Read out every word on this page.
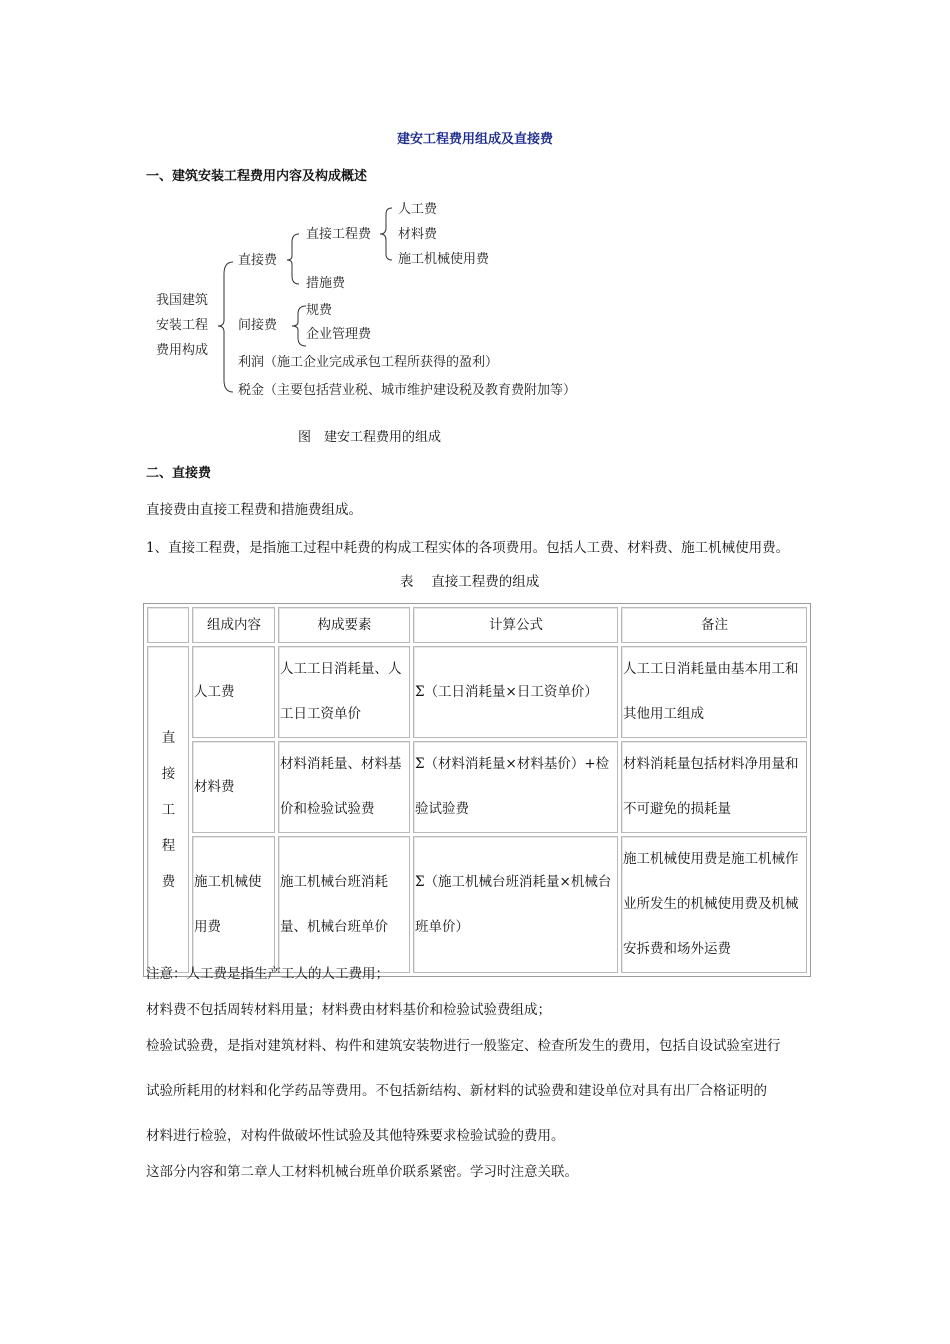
建安工程费用组成及直接费
一、建筑安装工程费用内容及构成概述
我国建筑
安装工程
费用构成
直接费
直接工程费
人工费
材料费
施工机械使用费
措施费
间接费
规费
企业管理费
利润（施工企业完成承包工程所获得的盈利）
税金（主要包括营业税、城市维护建设税及教育费附加等）
图　建安工程费用的组成
二、直接费
直接费由直接工程费和措施费组成。
1、直接工程费，是指施工过程中耗费的构成工程实体的各项费用。包括人工费、材料费、施工机械使用费。
表　 直接工程费的组成
	组成内容	构成要素	计算公式	备注
直
接
工
程
费	人工费	人工工日消耗量、人工日工资单价	Σ（工日消耗量×日工资单价）	人工工日消耗量由基本用工和其他用工组成
	材料费	材料消耗量、材料基价和检验试验费	Σ（材料消耗量×材料基价）+检验试验费	材料消耗量包括材料净用量和不可避免的损耗量
	施工机械使用费	施工机械台班消耗量、机械台班单价	Σ（施工机械台班消耗量×机械台班单价）	施工机械使用费是施工机械作业所发生的机械使用费及机械安拆费和场外运费
注意：人工费是指生产工人的人工费用；
材料费不包括周转材料用量；材料费由材料基价和检验试验费组成；
检验试验费，是指对建筑材料、构件和建筑安装物进行一般鉴定、检查所发生的费用，包括自设试验室进行
试验所耗用的材料和化学药品等费用。不包括新结构、新材料的试验费和建设单位对具有出厂合格证明的
材料进行检验，对构件做破坏性试验及其他特殊要求检验试验的费用。
这部分内容和第二章人工材料机械台班单价联系紧密。学习时注意关联。
